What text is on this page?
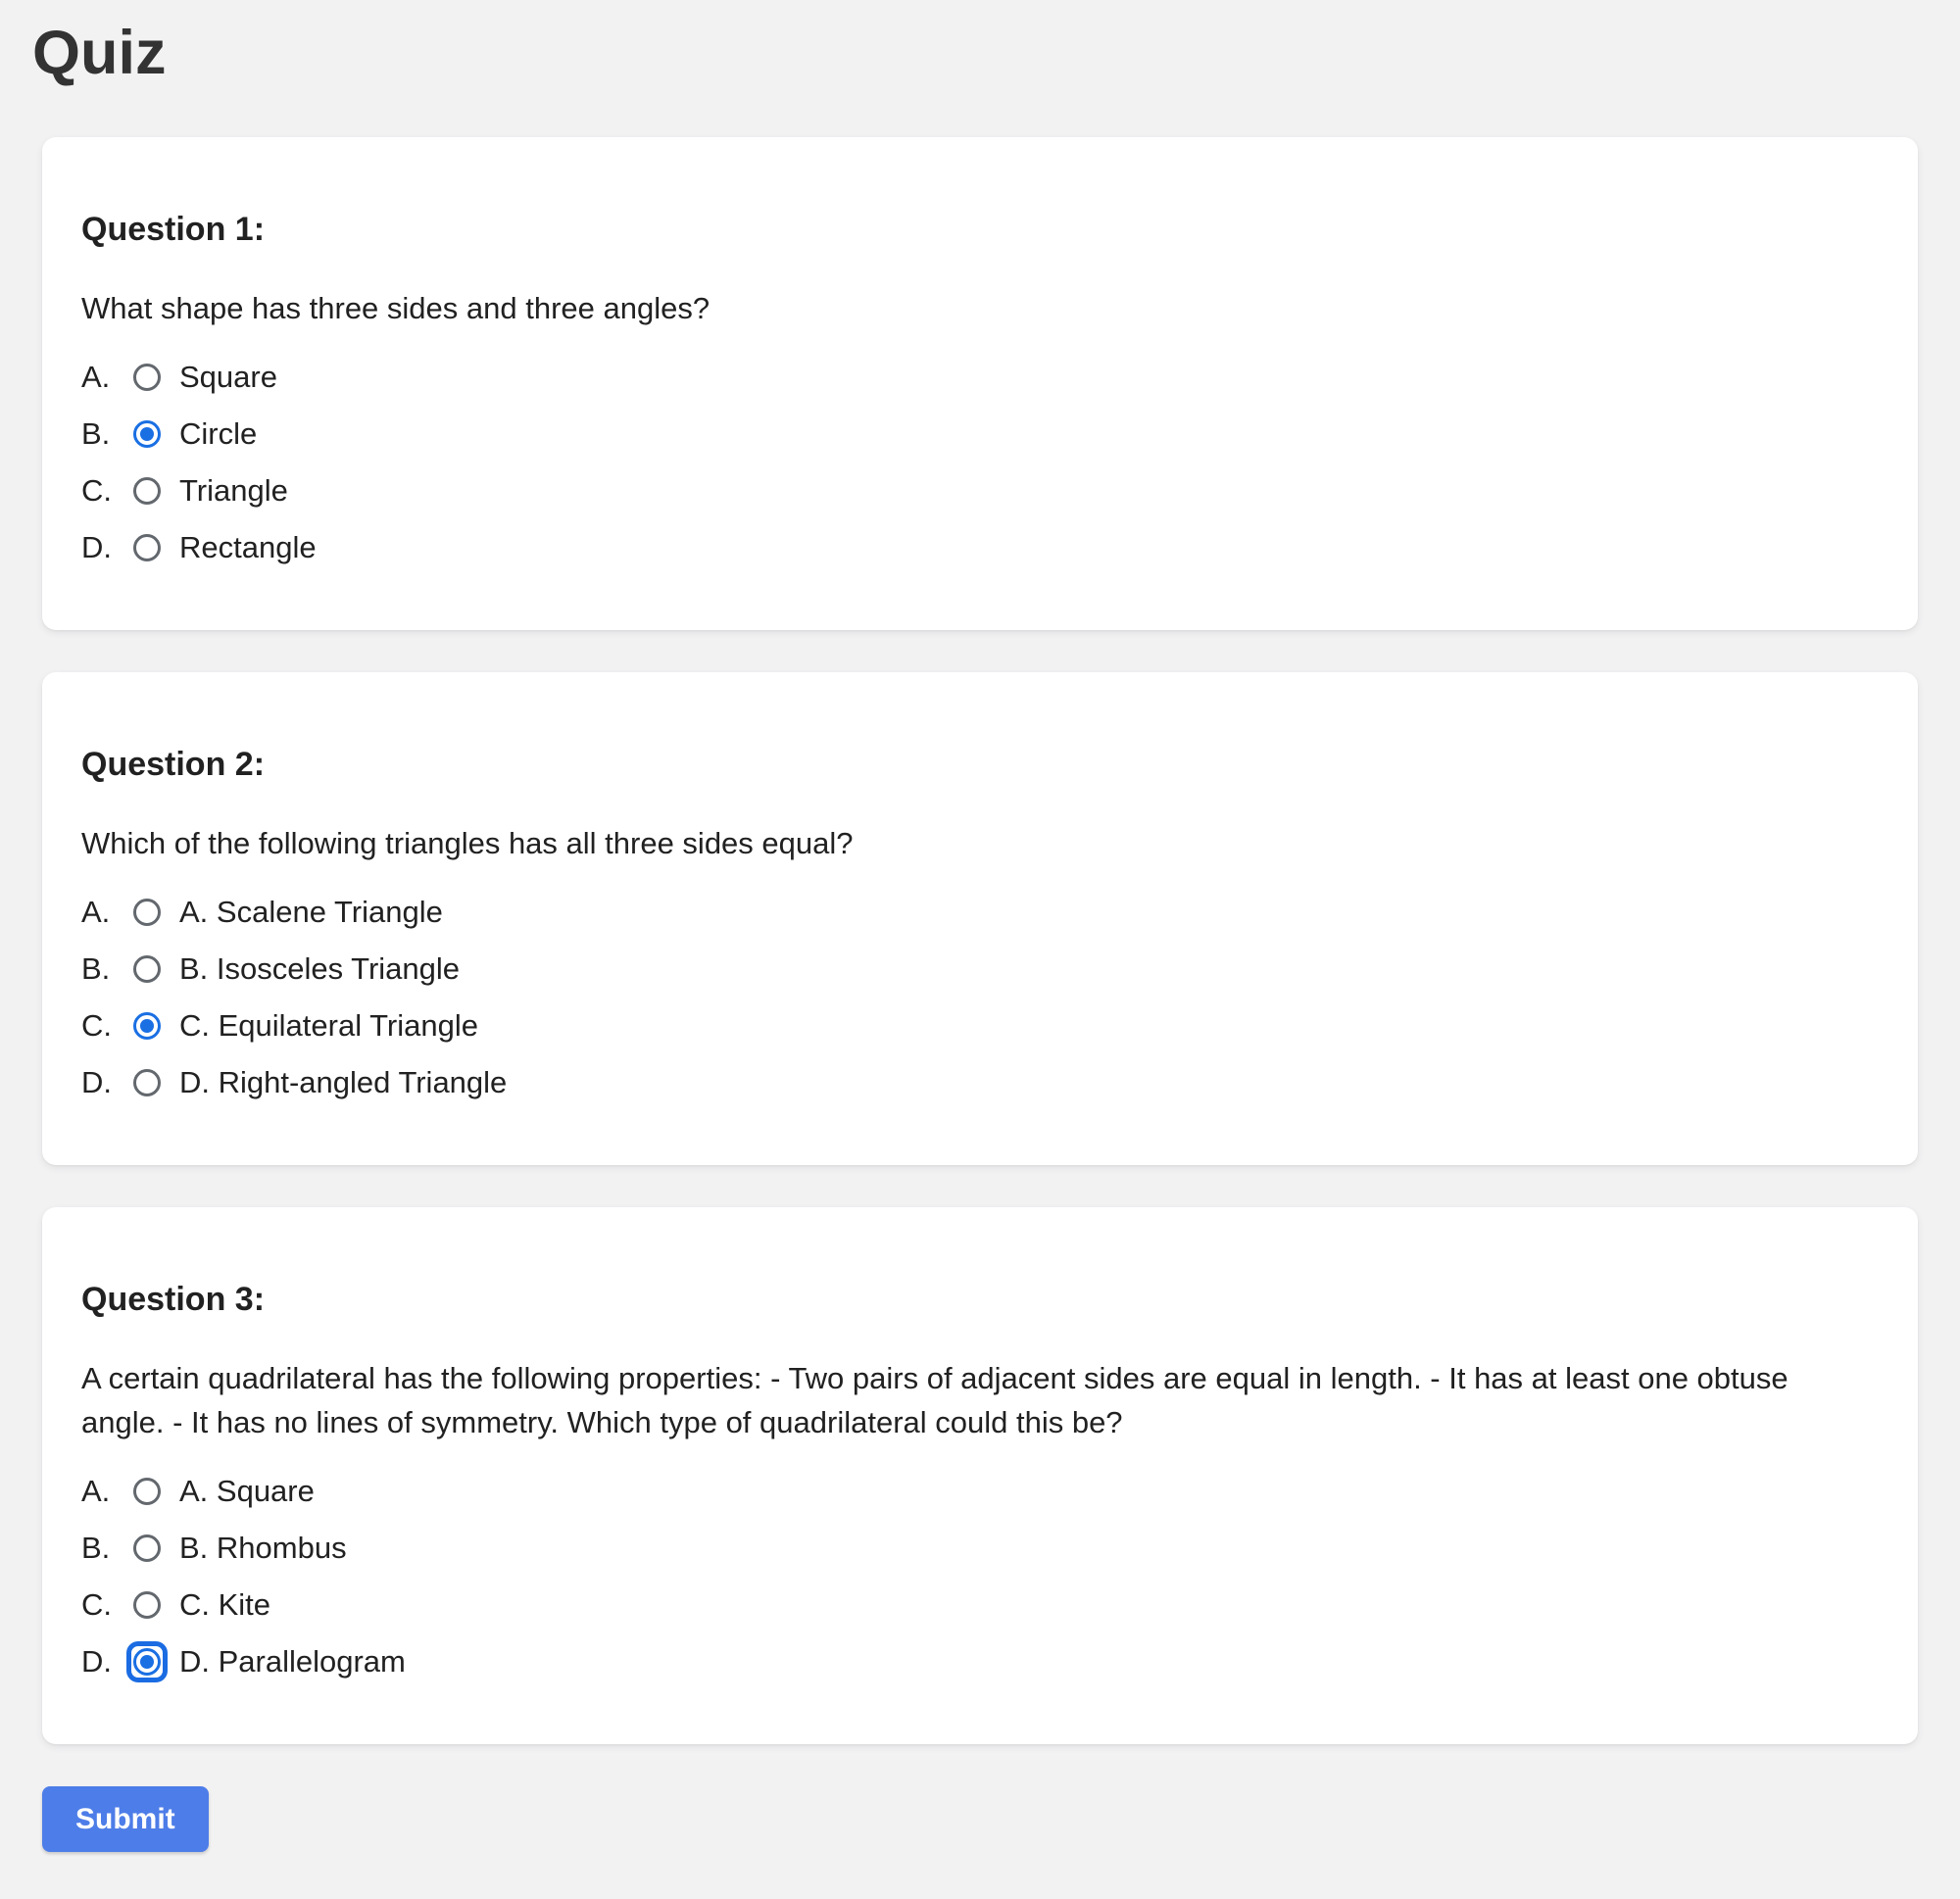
Quiz
Question 1:

What shape has three sides and three angles?

A.	Square
B.	Circle
C.	Triangle
D.	Rectangle
Question 2:

Which of the following triangles has all three sides equal?

A.	A. Scalene Triangle
B.	B. Isosceles Triangle
C.	C. Equilateral Triangle
D.	D. Right-angled Triangle
Question 3:

A certain quadrilateral has the following properties: - Two pairs of adjacent sides are equal in length. - It has at least one obtuse angle. - It has no lines of symmetry. Which type of quadrilateral could this be?

A.	A. Square
B.	B. Rhombus
C.	C. Kite
D.	D. Parallelogram
Submit
